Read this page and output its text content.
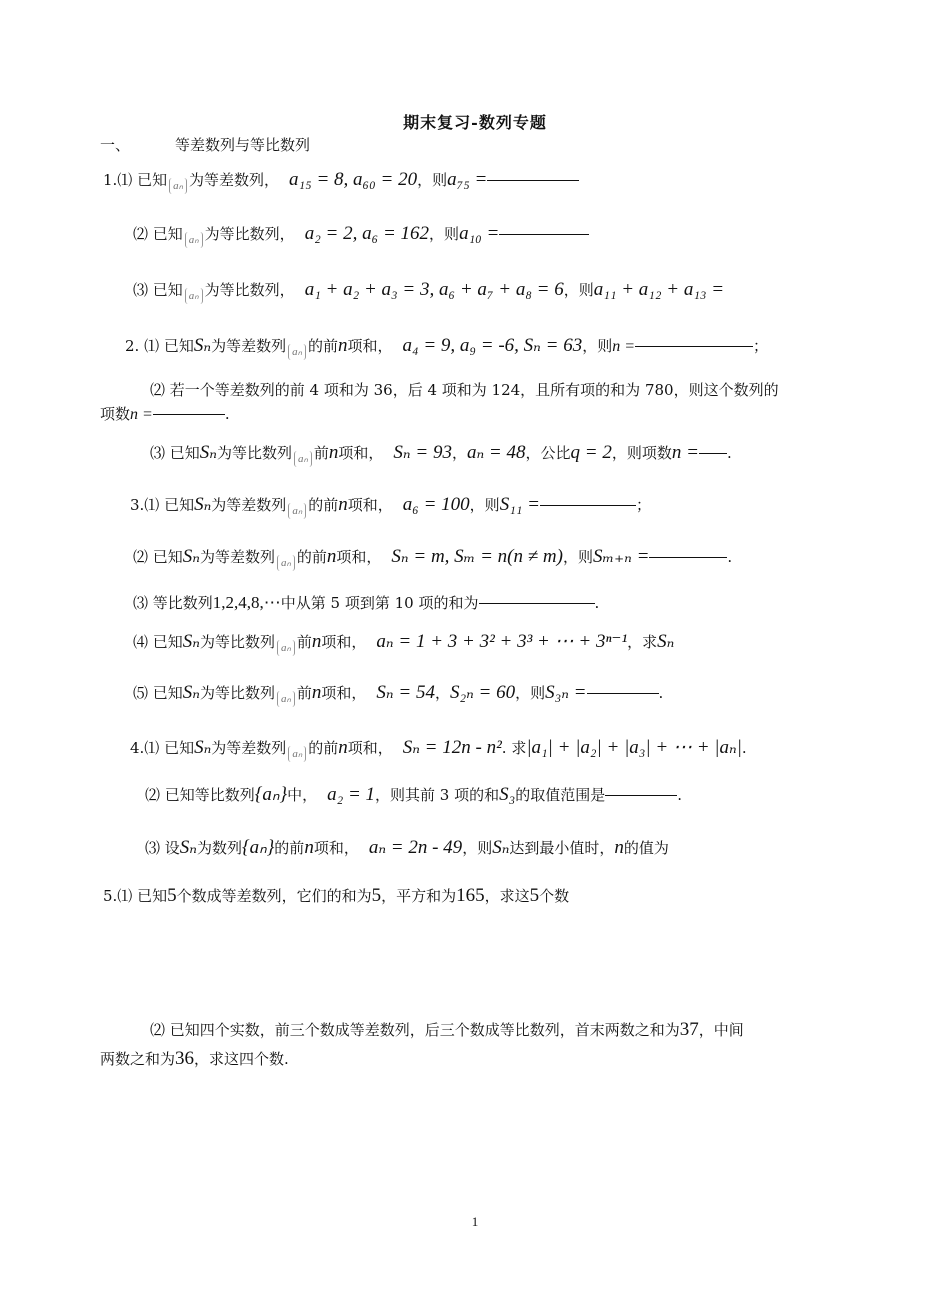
期末复习-数列专题
一、	等差数列与等比数列
1.⑴ 已知 $_{a_n}$ 为等差数列， a₁₅ = 8, a₆₀ = 20，则a₇₅ =
⑵ 已知 $_{a_n}$ 为等比数列， a₂ = 2, a₆ = 162，则a₁₀ =
⑶ 已知 $_{a_n}$ 为等比数列， a₁ + a₂ + a₃ = 3, a₆ + a₇ + a₈ = 6，则a₁₁ + a₁₂ + a₁₃ =
2. ⑴ 已知Sₙ为等差数列 $_{a_n}$ 的前n项和， a₄ = 9, a₉ = -6, Sₙ = 63，则n =	；
⑵ 若一个等差数列的前 4 项和为 36，后 4 项和为 124，且所有项的和为 780，则这个数列的
项数n =	.
⑶ 已知Sₙ为等比数列 $_{a_n}$ 前n项和， Sₙ = 93，aₙ = 48，公比q = 2，则项数n = .
3.⑴ 已知Sₙ为等差数列 $_{a_n}$ 的前n项和， a₆ = 100，则S₁₁ =	；
⑵ 已知Sₙ为等差数列 $_{a_n}$ 的前n项和， Sₙ = m, Sₘ = n(n ≠ m)，则Sₘ₊ₙ =	.
⑶ 等比数列1,2,4,8,⋯中从第 5 项到第 10 项的和为	.
⑷ 已知Sₙ为等比数列 $_{a_n}$ 前n项和， aₙ = 1 + 3 + 3² + 3³ + ⋯ + 3ⁿ⁻¹，求Sₙ
⑸ 已知Sₙ为等比数列 $_{a_n}$ 前n项和， Sₙ = 54，S₂ₙ = 60，则S₃ₙ =	.
4.⑴ 已知Sₙ为等差数列 $_{a_n}$ 的前n项和， Sₙ = 12n - n². 求|a₁| + |a₂| + |a₃| + ⋯ + |aₙ|.
⑵ 已知等比数列{aₙ}中， a₂ = 1，则其前 3 项的和S₃的取值范围是	.
⑶ 设Sₙ为数列{aₙ}的前n项和， aₙ = 2n - 49，则Sₙ达到最小值时，n的值为
5.⑴ 已知5个数成等差数列，它们的和为5，平方和为165，求这5个数
⑵ 已知四个实数，前三个数成等差数列，后三个数成等比数列，首末两数之和为37，中间
两数之和为36，求这四个数.
1
